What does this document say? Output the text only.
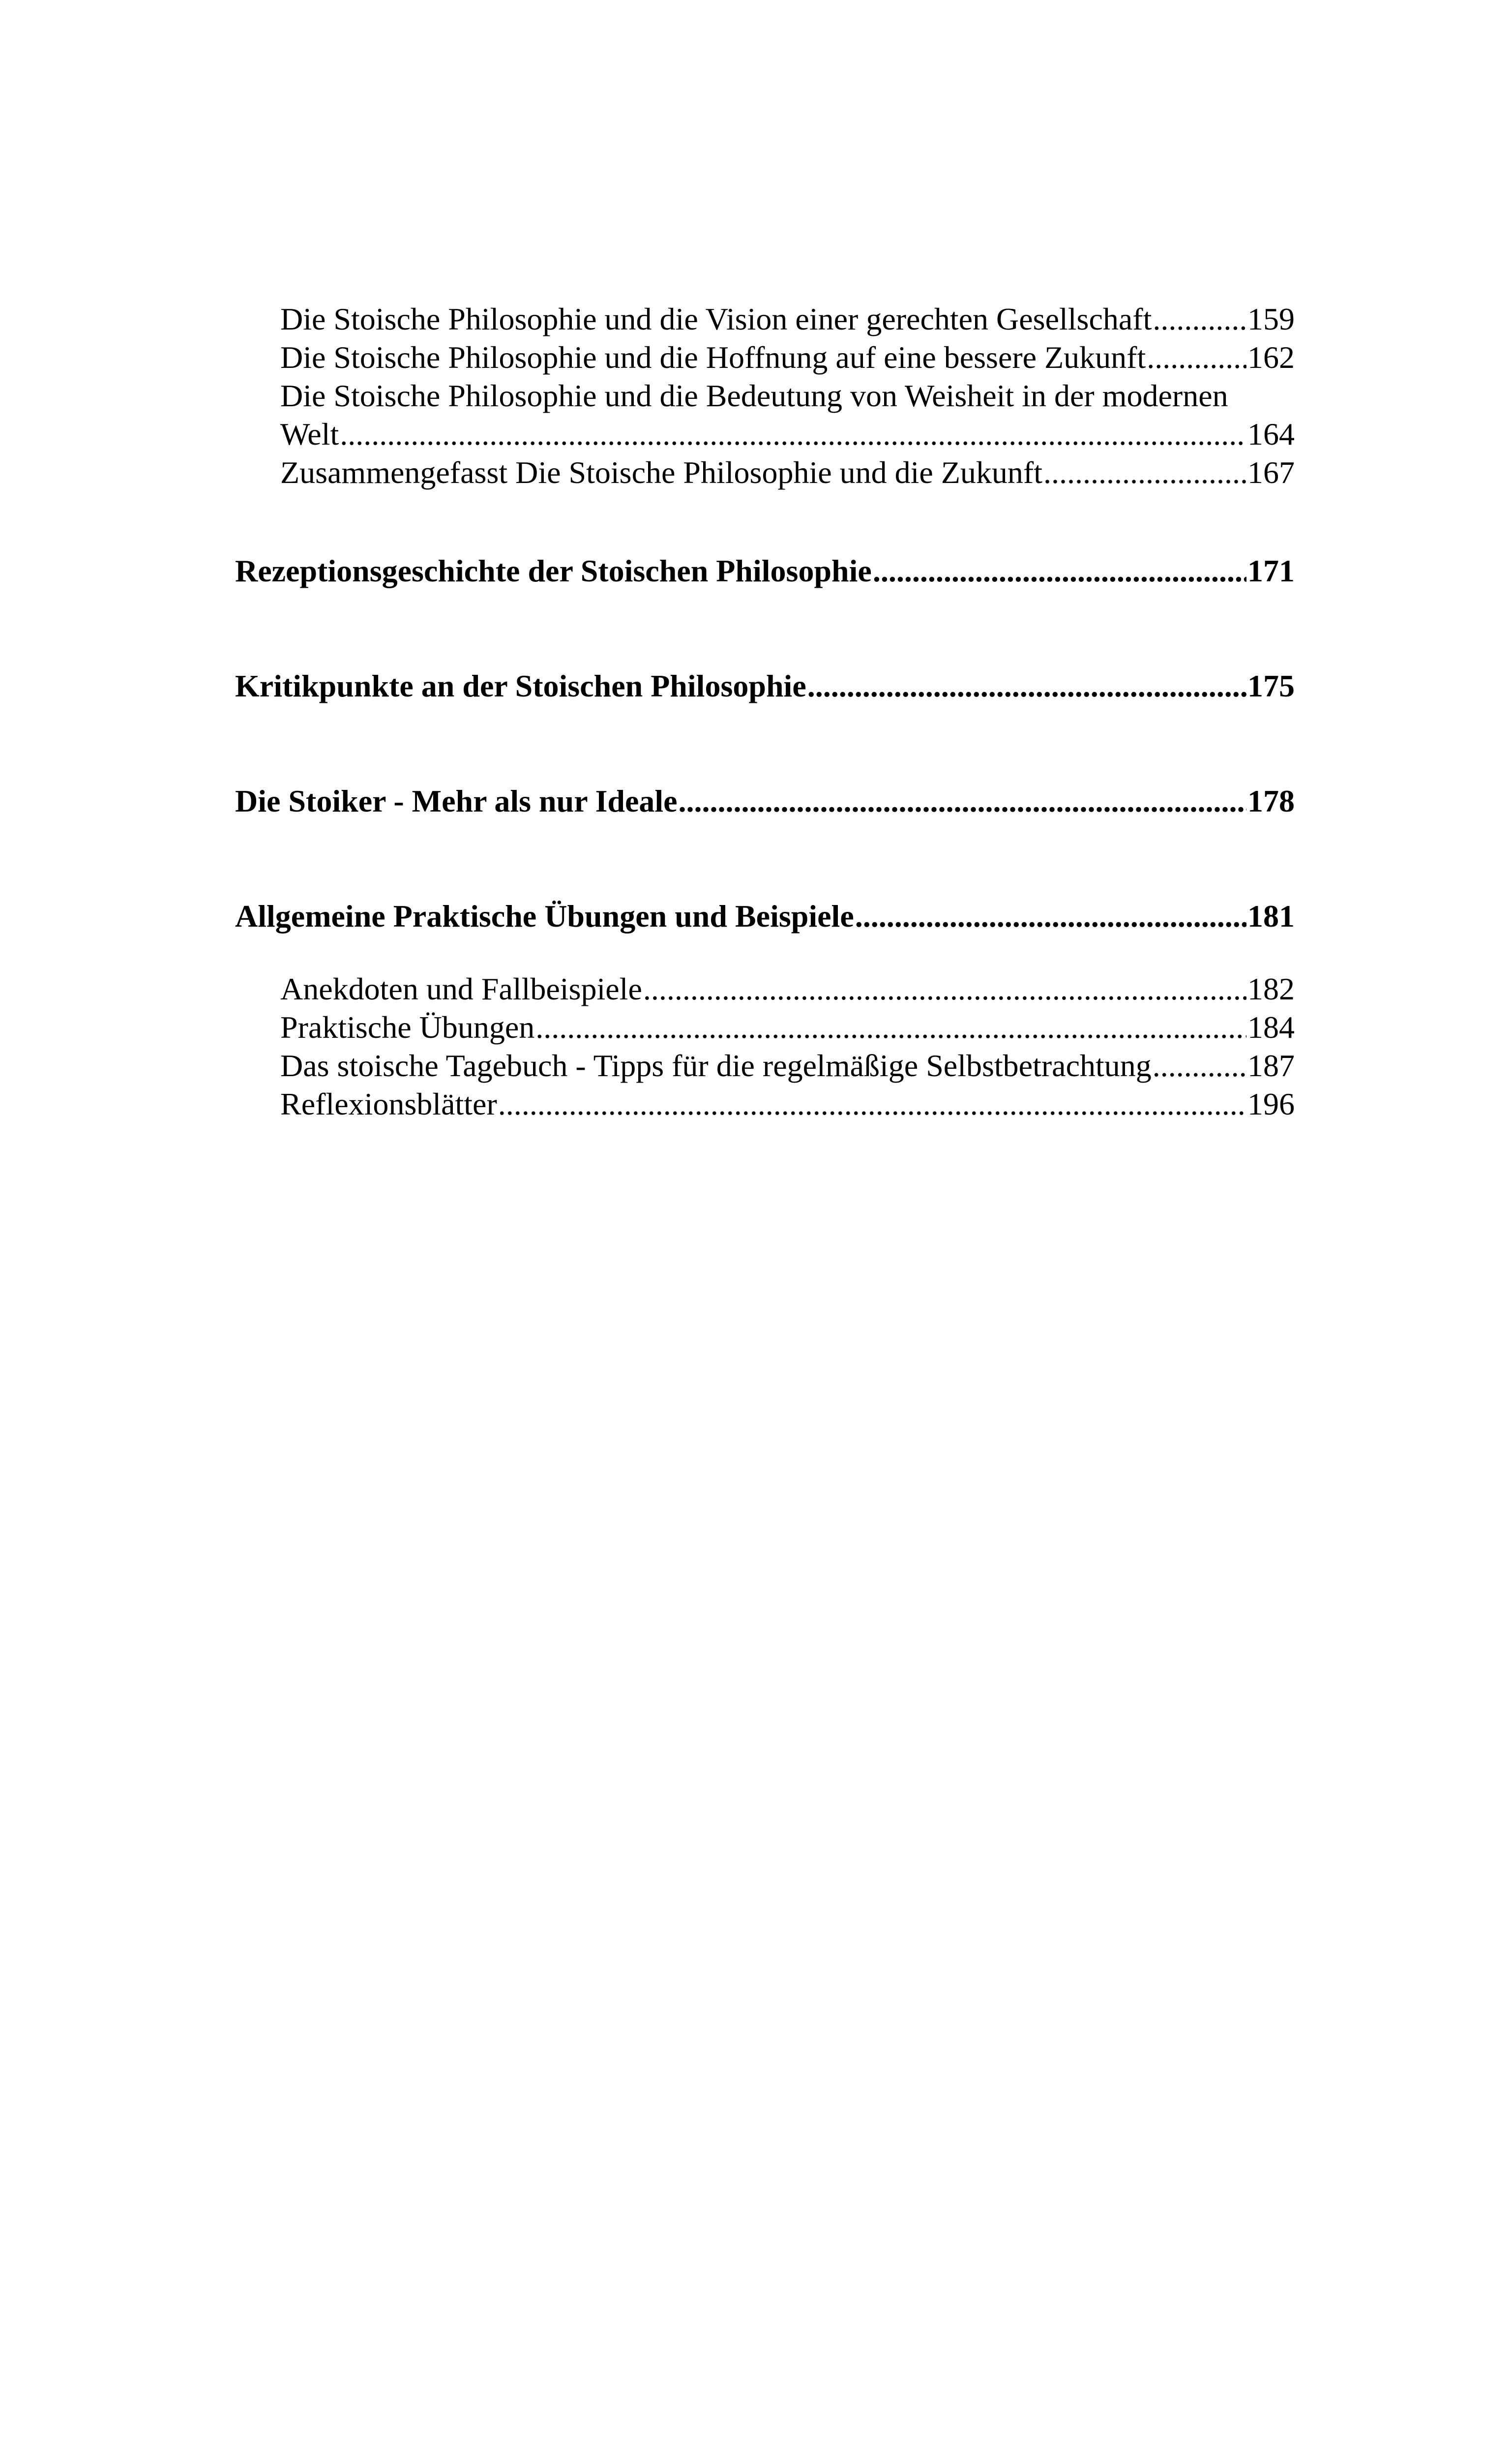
Die Stoische Philosophie und die Vision einer gerechten Gesellschaft .....	159
Die Stoische Philosophie und die Hoffnung auf eine bessere Zukunft .....	162
Die Stoische Philosophie und die Bedeutung von Weisheit in der modernen
Welt .....	164
Zusammengefasst Die Stoische Philosophie und die Zukunft .....	167
Rezeptionsgeschichte der Stoischen Philosophie .....	171
Kritikpunkte an der Stoischen Philosophie .....	175
Die Stoiker - Mehr als nur Ideale .....	178
Allgemeine Praktische Übungen und Beispiele .....	181
Anekdoten und Fallbeispiele .....	182
Praktische Übungen .....	184
Das stoische Tagebuch - Tipps für die regelmäßige Selbstbetrachtung .....	187
Reflexionsblätter .....	196
